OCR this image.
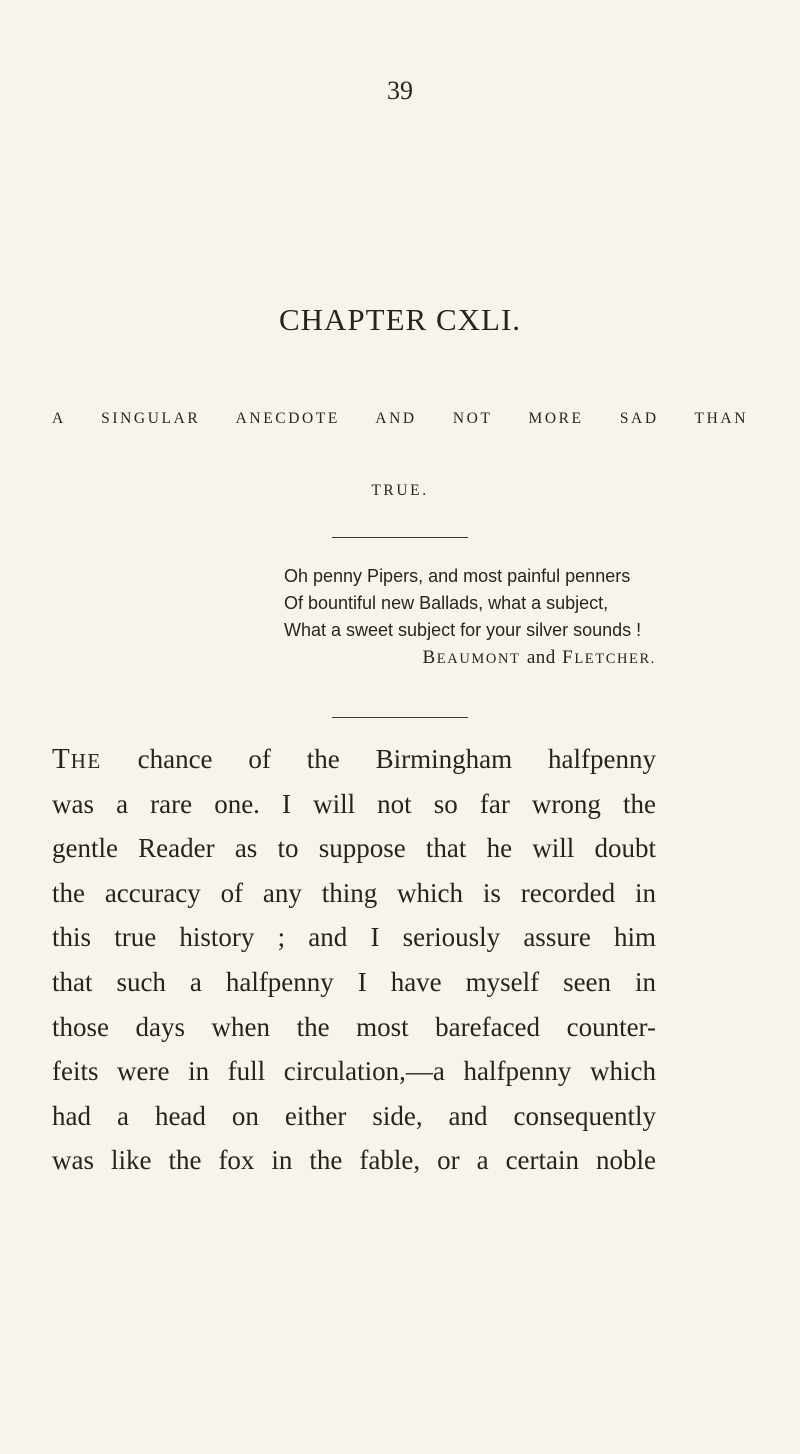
39
CHAPTER CXLI.
A SINGULAR ANECDOTE AND NOT MORE SAD THAN
TRUE.
Oh penny Pipers, and most painful penners
Of bountiful new Ballads, what a subject,
What a sweet subject for your silver sounds !
BEAUMONT and FLETCHER.
THE chance of the Birmingham halfpenny
was a rare one. I will not so far wrong the
gentle Reader as to suppose that he will doubt
the accuracy of any thing which is recorded in
this true history ; and I seriously assure him
that such a halfpenny I have myself seen in
those days when the most barefaced counter-
feits were in full circulation,—a halfpenny which
had a head on either side, and consequently
was like the fox in the fable, or a certain noble
